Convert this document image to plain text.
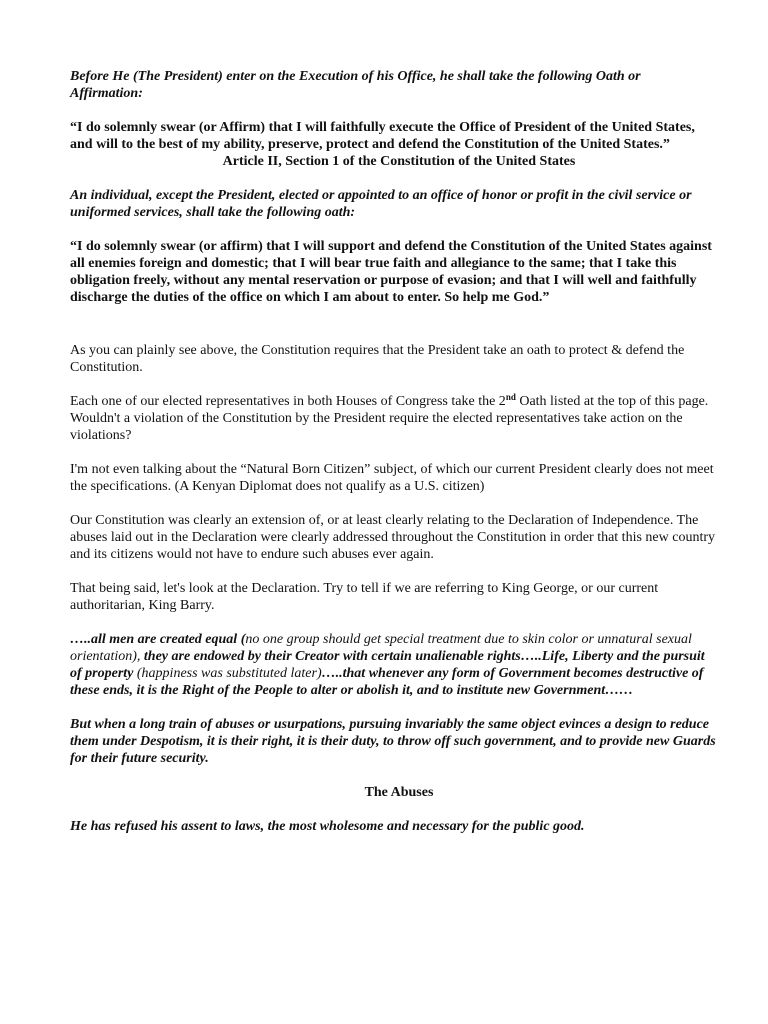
Before He (The President) enter on the Execution of his Office, he shall take the following Oath or Affirmation:

“I do solemnly swear (or Affirm) that I will faithfully execute the Office of President of the United States, and will to the best of my ability, preserve, protect and defend the Constitution of the United States.”

Article II, Section 1 of the Constitution of the United States

An individual, except the President, elected or appointed to an office of honor or profit in the civil service or uniformed services, shall take the following oath:

“I do solemnly swear (or affirm) that I will support and defend the Constitution of the United States against all enemies foreign and domestic; that I will bear true faith and allegiance to the same; that I take this obligation freely, without any mental reservation or purpose of evasion; and that I will well and faithfully discharge the duties of the office on which I am about to enter. So help me God.”

As you can plainly see above, the Constitution requires that the President take an oath to protect & defend the Constitution.

Each one of our elected representatives in both Houses of Congress take the 2nd Oath listed at the top of this page. Wouldn't a violation of the Constitution by the President require the elected representatives take action on the violations?

I'm not even talking about the “Natural Born Citizen” subject, of which our current President clearly does not meet the specifications. (A Kenyan Diplomat does not qualify as a U.S. citizen)

Our Constitution was clearly an extension of, or at least clearly relating to the Declaration of Independence. The abuses laid out in the Declaration were clearly addressed throughout the Constitution in order that this new country and its citizens would not have to endure such abuses ever again.

That being said, let's look at the Declaration. Try to tell if we are referring to King George, or our current authoritarian, King Barry.

…..all men are created equal (no one group should get special treatment due to skin color or unnatural sexual orientation), they are endowed by their Creator with certain unalienable rights…..Life, Liberty and the pursuit of property (happiness was substituted later)…..that whenever any form of Government becomes destructive of these ends, it is the Right of the People to alter or abolish it, and to institute new Government……

But when a long train of abuses or usurpations, pursuing invariably the same object evinces a design to reduce them under Despotism, it is their right, it is their duty, to throw off such government, and to provide new Guards for their future security.

The Abuses

He has refused his assent to laws, the most wholesome and necessary for the public good.
